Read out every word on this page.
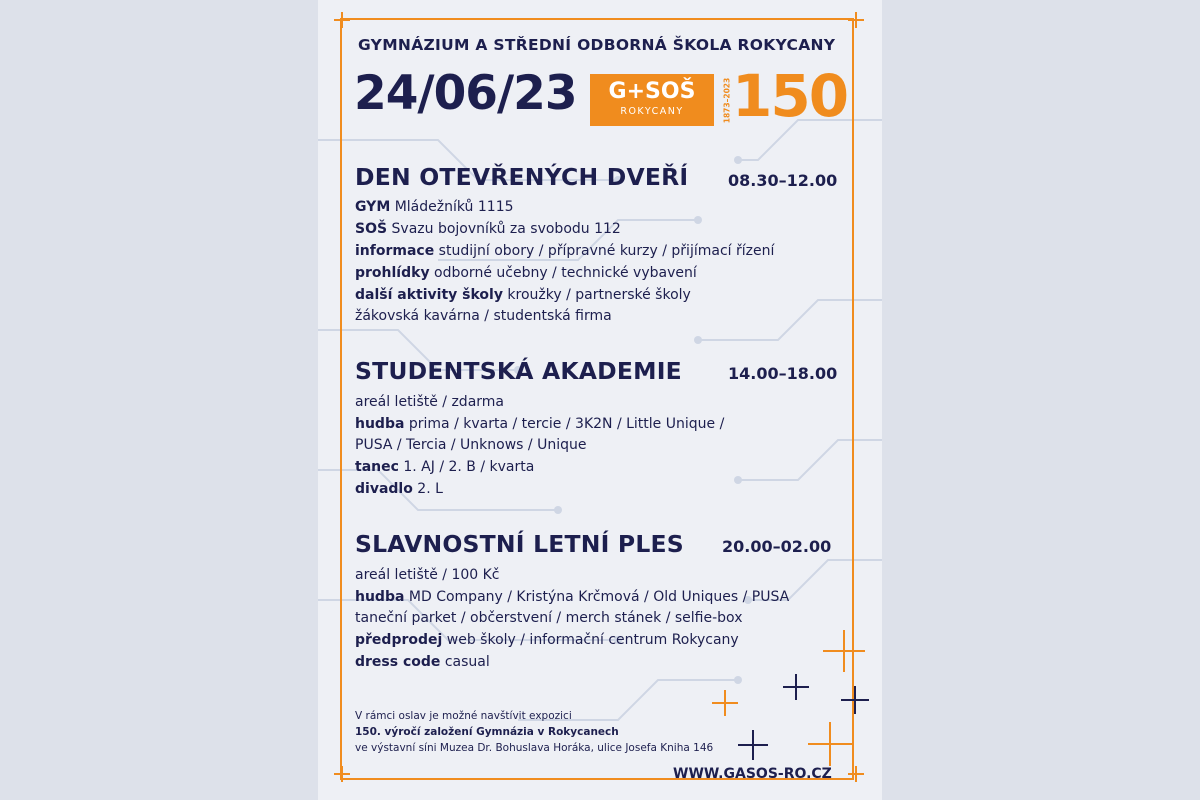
GYMNÁZIUM A STŘEDNÍ ODBORNÁ ŠKOLA ROKYCANY
24/06/23	G+SOŠ
ROKYCANY	1873–2023 150
DEN OTEVŘENÝCH DVEŘÍ 08.30–12.00
GYM Mládežníků 1115
SOŠ Svazu bojovníků za svobodu 112
informace studijní obory / přípravné kurzy / přijímací řízení
prohlídky odborné učebny / technické vybavení
další aktivity školy kroužky / partnerské školy
žákovská kavárna / studentská firma
STUDENTSKÁ AKADEMIE	14.00–18.00
areál letiště / zdarma
hudba prima / kvarta / tercie / 3K2N / Little Unique /
PUSA / Tercia / Unknows / Unique
tanec 1. AJ / 2. B / kvarta
divadlo 2. L
SLAVNOSTNÍ LETNÍ PLES 20.00–02.00
areál letiště / 100 Kč
hudba MD Company / Kristýna Krčmová / Old Uniques / PUSA
taneční parket / občerstvení / merch stánek / selfie-box
předprodej web školy / informační centrum Rokycany
dress code casual
V rámci oslav je možné navštívit expozici
150. výročí založení Gymnázia v Rokycanech
ve výstavní síni Muzea Dr. Bohuslava Horáka, ulice Josefa Kniha 146
WWW.GASOS-RO.CZ
